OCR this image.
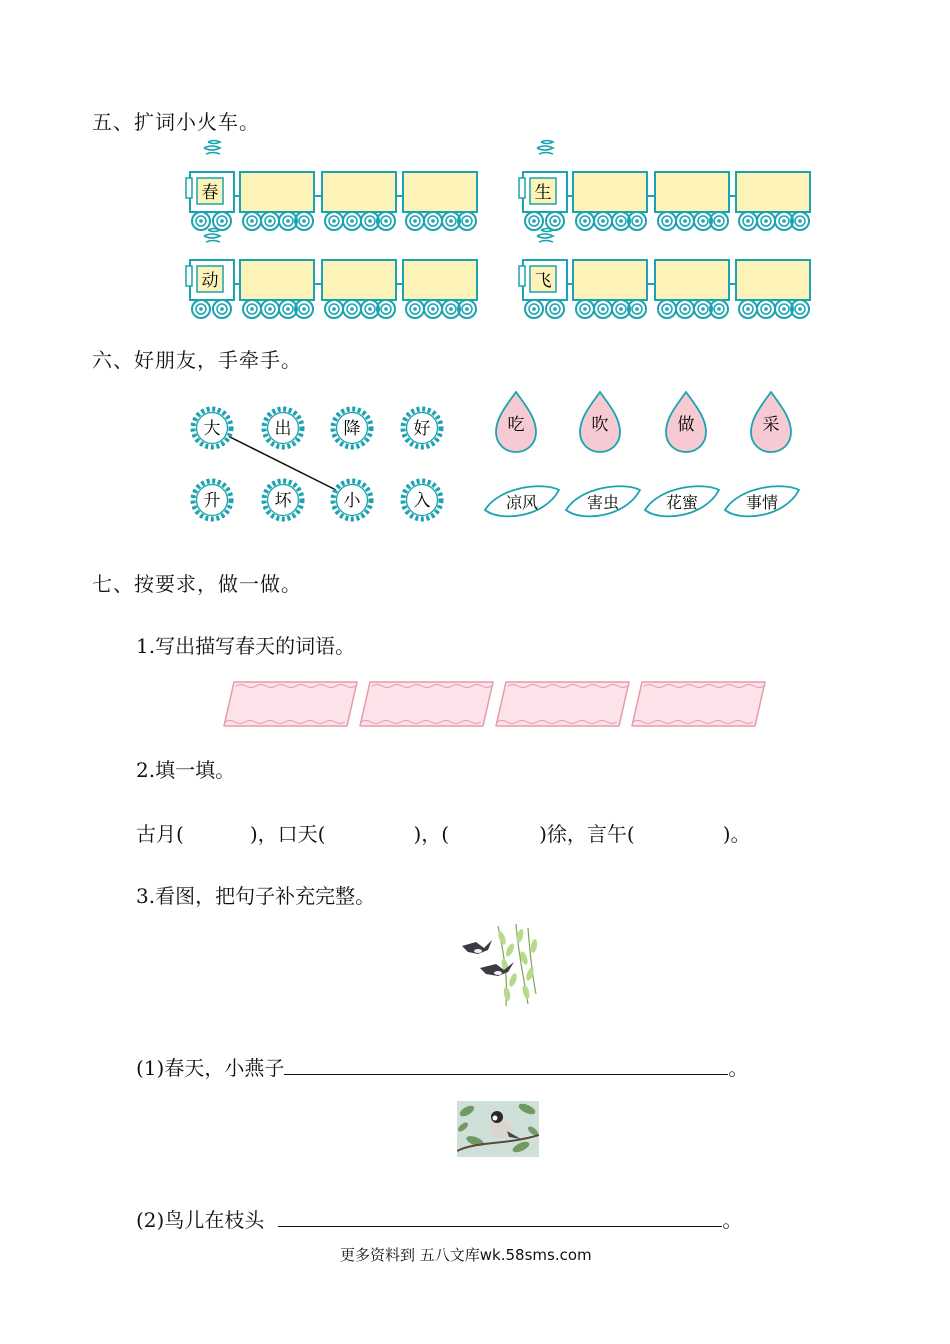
五、扩词小火车。
春	生
动	飞
六、好朋友，手牵手。
大	出	降	好
升	坏	小	入
吃	吹	做	采
凉风	害虫	花蜜	事情
七、按要求，做一做。
1.写出描写春天的词语。
2.填一填。
古月(	)，口天(	)，(	)徐，言午(	)。
3.看图，把句子补充完整。
(1)春天，小燕子	。
(2)鸟儿在枝头	。
更多资料到 五八文库wk.58sms.com
